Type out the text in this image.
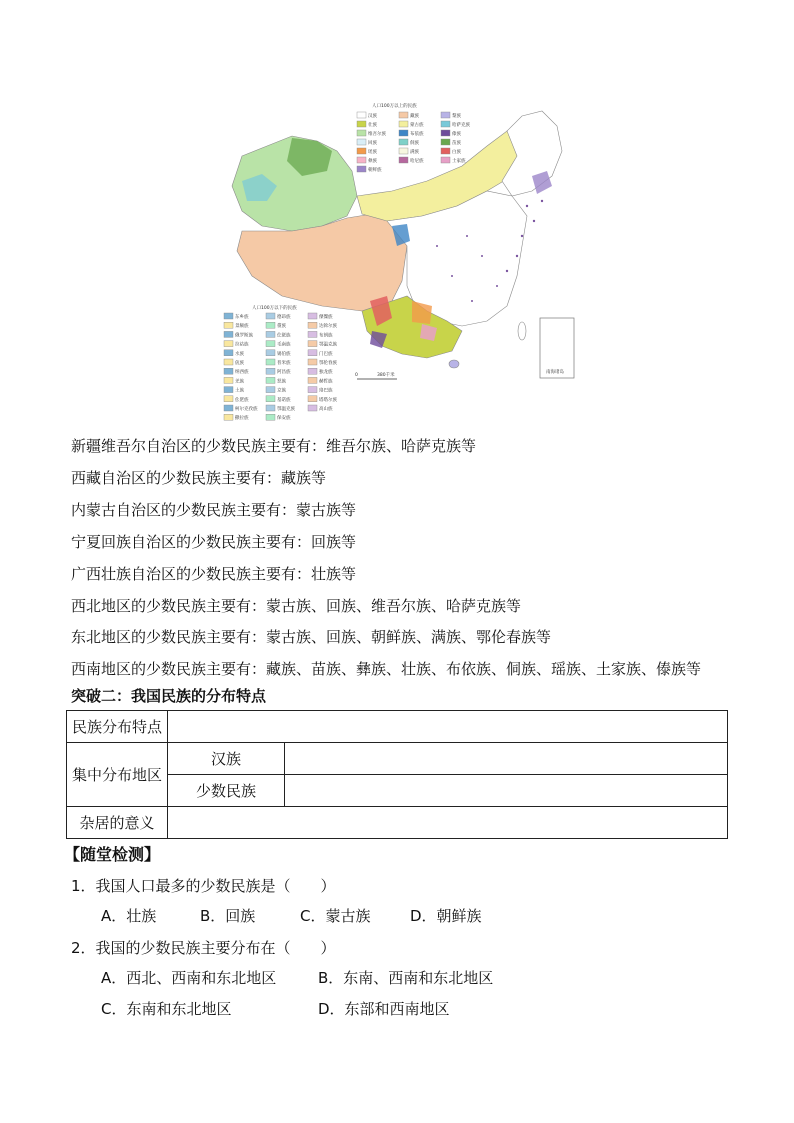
南海诸岛
0	380千米
汉族	藏族	黎族
壮族	蒙古族	哈萨克族
维吾尔族	布依族	傣族
回族	侗族	苗族
瑶族	满族	白族
彝族	哈尼族	土家族
朝鲜族
人口100万以上的民族
东乡族	德昂族	傈僳族
景颇族	畲族	达斡尔族
俄罗斯族	仡佬族	布朗族
拉祜族	毛南族	鄂温克族
水族	锡伯族	门巴族
佤族	普米族	鄂伦春族
纳西族	阿昌族	独龙族
羌族	怒族	赫哲族
土族	京族	珞巴族
仫佬族	基诺族	塔塔尔族
柯尔克孜族	鄂温克族	高山族
撒拉族	保安族
人口100万以下的民族
新疆维吾尔自治区的少数民族主要有：维吾尔族、哈萨克族等
西藏自治区的少数民族主要有：藏族等
内蒙古自治区的少数民族主要有：蒙古族等
宁夏回族自治区的少数民族主要有：回族等
广西壮族自治区的少数民族主要有：壮族等
西北地区的少数民族主要有：蒙古族、回族、维吾尔族、哈萨克族等
东北地区的少数民族主要有：蒙古族、回族、朝鲜族、满族、鄂伦春族等
西南地区的少数民族主要有：藏族、苗族、彝族、壮族、布依族、侗族、瑶族、土家族、傣族等
突破二：我国民族的分布特点
民族分布特点		
集中分布地区	汉族	
	少数民族	
杂居的意义		
【随堂检测】
1．我国人口最多的少数民族是（　　）
A．壮族	B．回族	C．蒙古族	D．朝鲜族
2．我国的少数民族主要分布在（　　）
A．西北、西南和东北地区	B．东南、西南和东北地区
C．东南和东北地区	D．东部和西南地区
